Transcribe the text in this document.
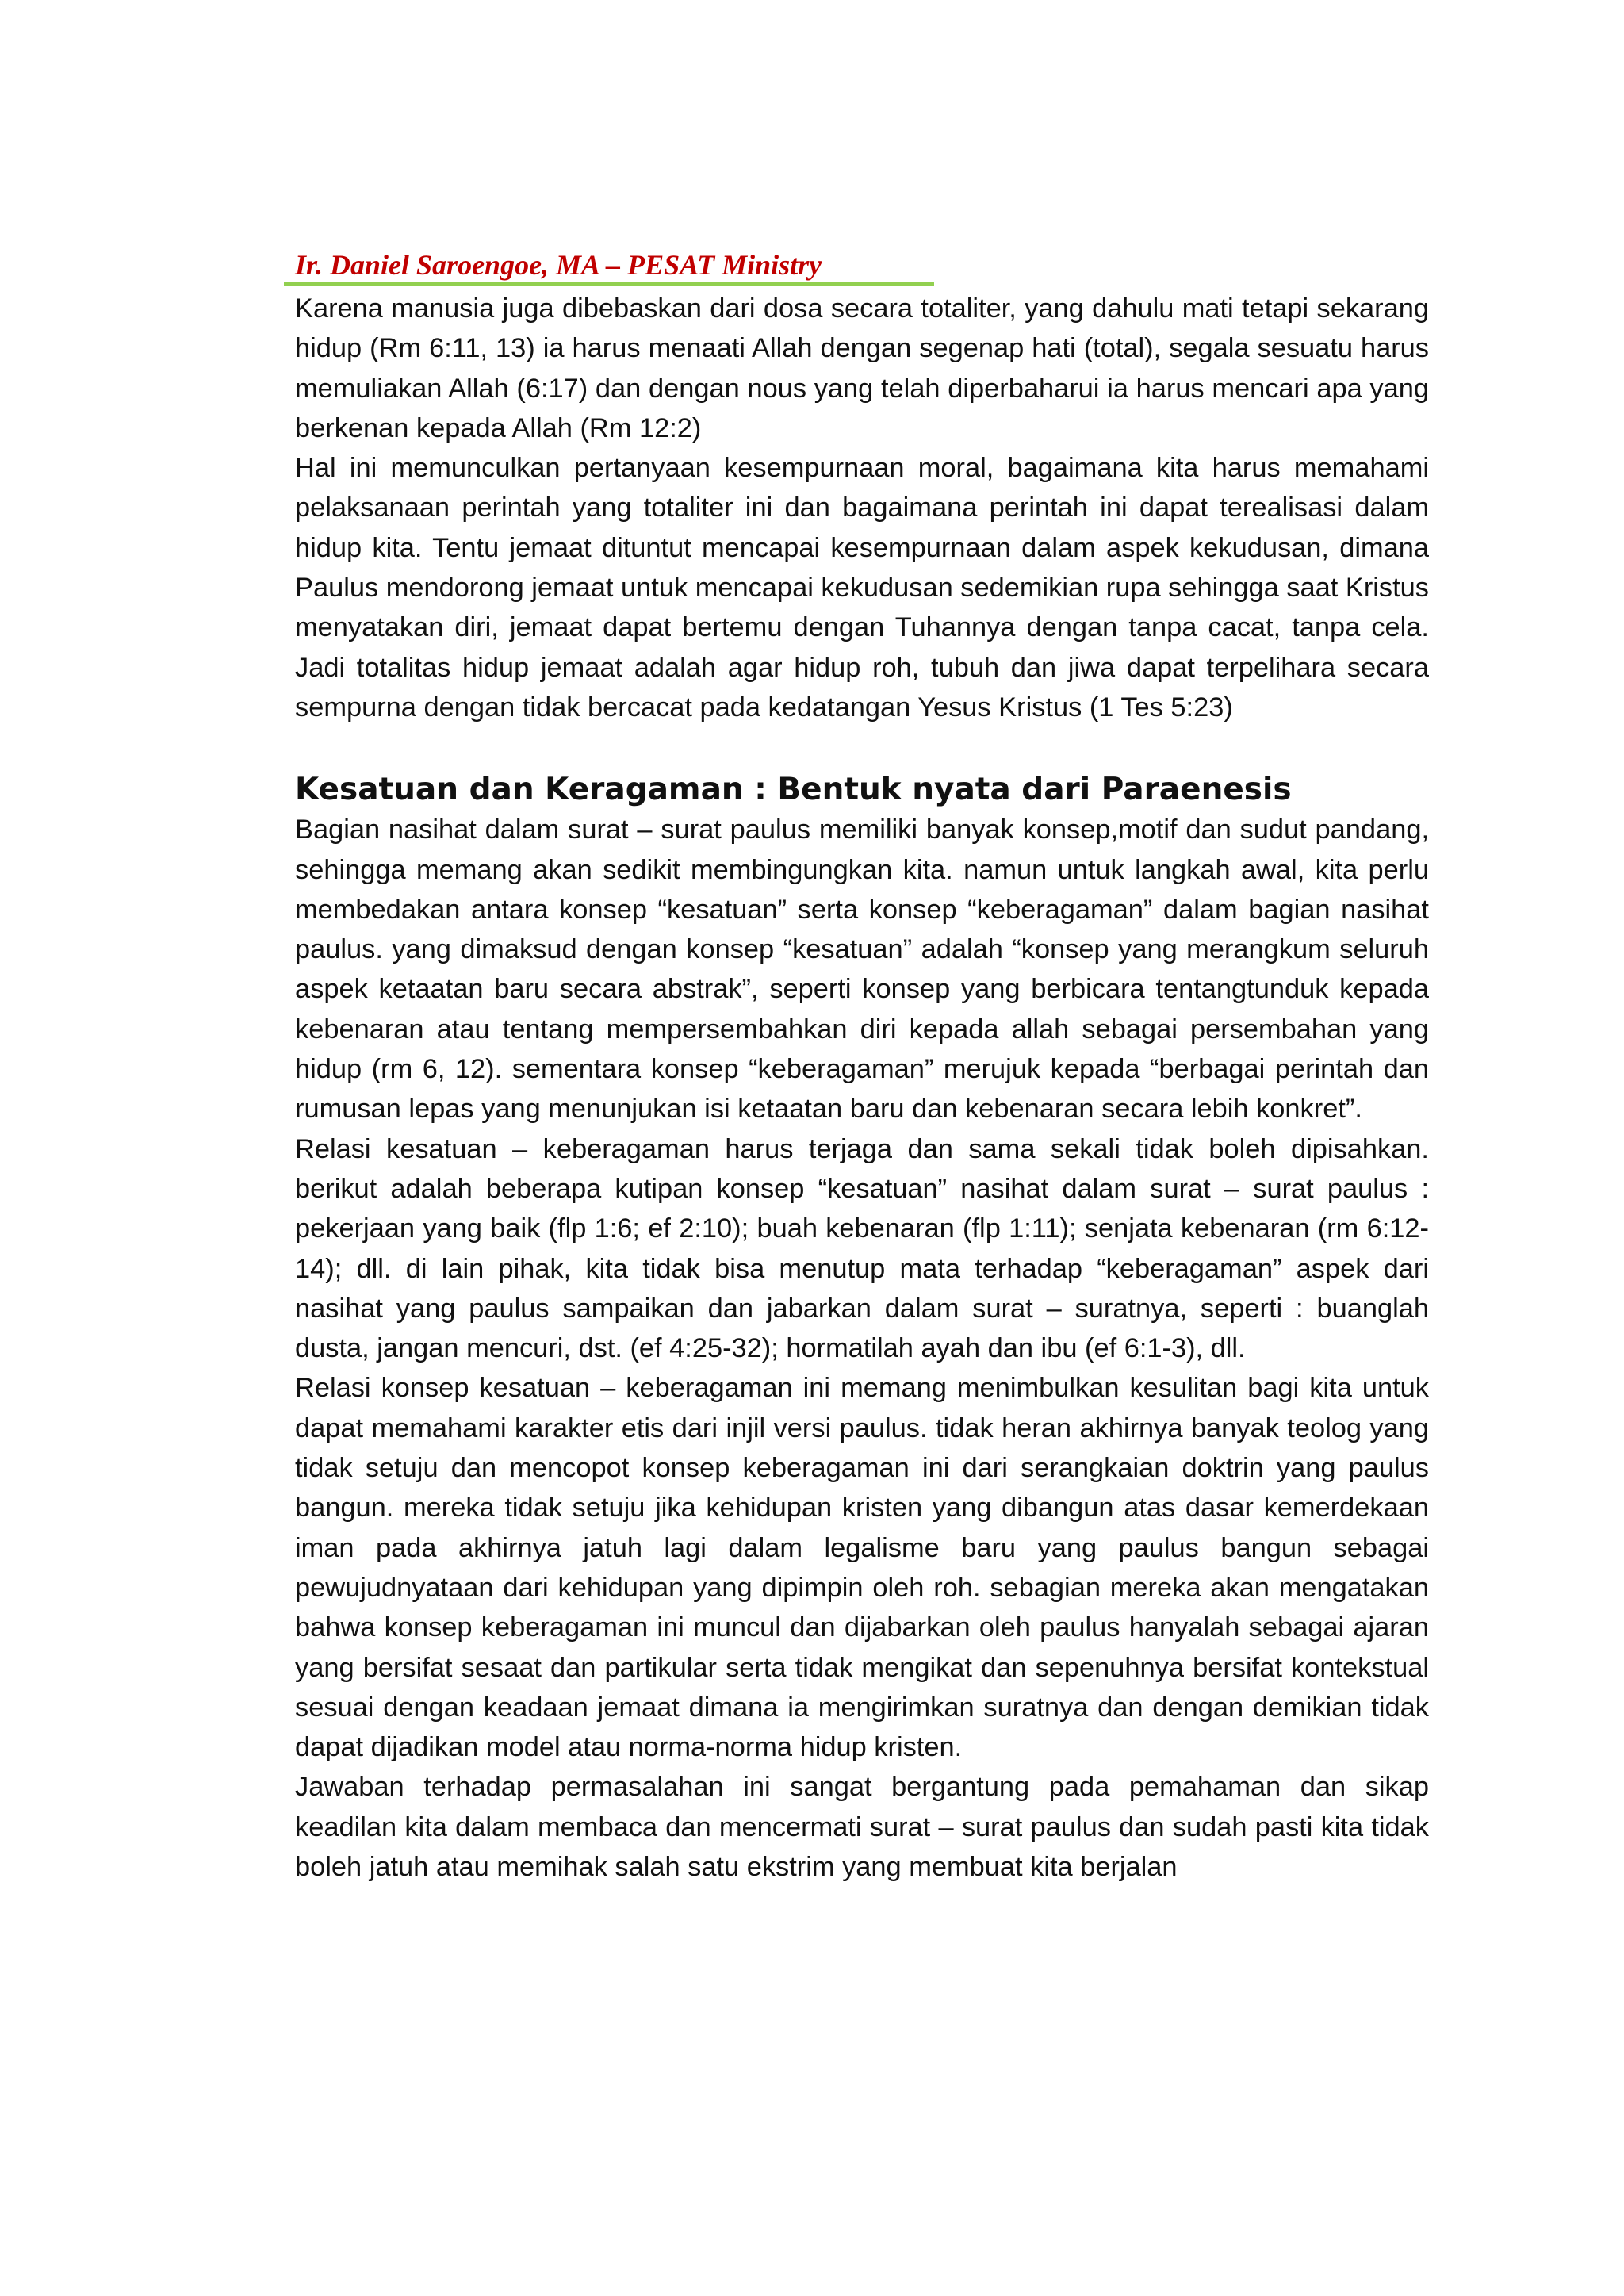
Ir. Daniel Saroengoe, MA – PESAT Ministry

Karena manusia juga dibebaskan dari dosa secara totaliter, yang dahulu mati tetapi sekarang hidup (Rm 6:11, 13) ia harus menaati Allah dengan segenap hati (total), segala sesuatu harus memuliakan Allah (6:17) dan dengan nous yang telah diperbaharui ia harus mencari apa yang berkenan kepada Allah (Rm 12:2)

Hal ini memunculkan pertanyaan kesempurnaan moral, bagaimana kita harus memahami pelaksanaan perintah yang totaliter ini dan bagaimana perintah ini dapat terealisasi dalam hidup kita. Tentu jemaat dituntut mencapai kesempurnaan dalam aspek kekudusan, dimana Paulus mendorong jemaat untuk mencapai kekudusan sedemikian rupa sehingga saat Kristus menyatakan diri, jemaat dapat bertemu dengan Tuhannya dengan tanpa cacat, tanpa cela. Jadi totalitas hidup jemaat adalah agar hidup roh, tubuh dan jiwa dapat terpelihara secara sempurna dengan tidak bercacat pada kedatangan Yesus Kristus (1 Tes 5:23)

Kesatuan dan Keragaman : Bentuk nyata dari Paraenesis

Bagian nasihat dalam surat – surat paulus memiliki banyak konsep,motif dan sudut pandang, sehingga memang akan sedikit membingungkan kita. namun untuk langkah awal, kita perlu membedakan antara konsep “kesatuan” serta konsep “keberagaman” dalam bagian nasihat paulus. yang dimaksud dengan konsep “kesatuan” adalah “konsep yang merangkum seluruh aspek ketaatan baru secara abstrak”, seperti konsep yang berbicara tentangtunduk kepada kebenaran atau tentang mempersembahkan diri kepada allah sebagai persembahan yang hidup (rm 6, 12). sementara konsep “keberagaman” merujuk kepada “berbagai perintah dan rumusan lepas yang menunjukan isi ketaatan baru dan kebenaran secara lebih konkret”.

Relasi kesatuan – keberagaman harus terjaga dan sama sekali tidak boleh dipisahkan. berikut adalah beberapa kutipan konsep “kesatuan” nasihat dalam surat – surat paulus : pekerjaan yang baik (flp 1:6; ef 2:10); buah kebenaran (flp 1:11); senjata kebenaran (rm 6:12-14); dll. di lain pihak, kita tidak bisa menutup mata terhadap “keberagaman” aspek dari nasihat yang paulus sampaikan dan jabarkan dalam surat – suratnya, seperti : buanglah dusta, jangan mencuri, dst. (ef 4:25-32); hormatilah ayah dan ibu (ef 6:1-3), dll.

Relasi konsep kesatuan – keberagaman ini memang menimbulkan kesulitan bagi kita untuk dapat memahami karakter etis dari injil versi paulus. tidak heran akhirnya banyak teolog yang tidak setuju dan mencopot konsep keberagaman ini dari serangkaian doktrin yang paulus bangun. mereka tidak setuju jika kehidupan kristen yang dibangun atas dasar kemerdekaan iman pada akhirnya jatuh lagi dalam legalisme baru yang paulus bangun sebagai pewujudnyataan dari kehidupan yang dipimpin oleh roh. sebagian mereka akan mengatakan bahwa konsep keberagaman ini muncul dan dijabarkan oleh paulus hanyalah sebagai ajaran yang bersifat sesaat dan partikular serta tidak mengikat dan sepenuhnya bersifat kontekstual sesuai dengan keadaan jemaat dimana ia mengirimkan suratnya dan dengan demikian tidak dapat dijadikan model atau norma-norma hidup kristen.

Jawaban terhadap permasalahan ini sangat bergantung pada pemahaman dan sikap keadilan kita dalam membaca dan mencermati surat – surat paulus dan sudah pasti kita tidak boleh jatuh atau memihak salah satu ekstrim yang membuat kita berjalan
